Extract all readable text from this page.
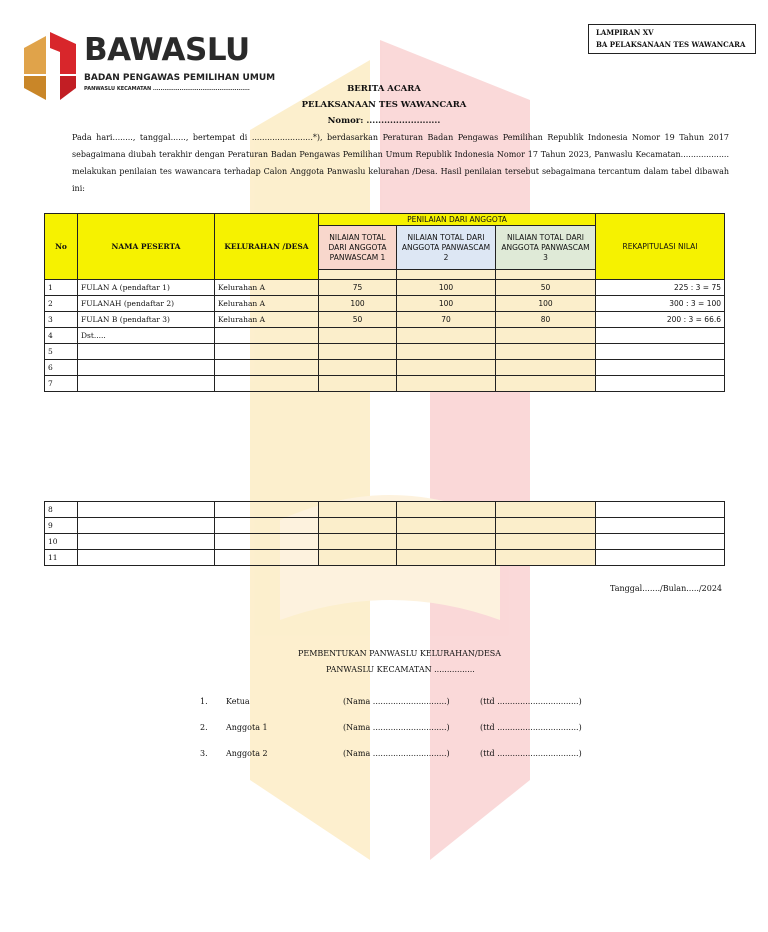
LAMPIRAN XV
BA PELAKSANAAN TES WAWANCARA
BAWASLU
BADAN PENGAWAS PEMILIHAN UMUM
PANWASLU KECAMATAN ...................................................	BERITA ACARA
PELAKSANAAN TES WAWANCARA
Nomor: .........................
Pada hari........, tanggal......, bertempat di ........................*), berdasarkan Peraturan Badan Pengawas Pemilihan Republik Indonesia Nomor 19 Tahun 2017 sebagaimana diubah terakhir dengan Peraturan Badan Pengawas Pemilihan Umum Republik Indonesia Nomor 17 Tahun 2023, Panwaslu Kecamatan................... melakukan penilaian tes wawancara terhadap Calon Anggota Panwaslu kelurahan /Desa. Hasil penilaian tersebut sebagaimana tercantum dalam tabel dibawah ini:
No	NAMA PESERTA	KELURAHAN /DESA	PENILAIAN DARI ANGGOTA			REKAPITULASI NILAI
			NILAIAN TOTAL DARI ANGGOTA PANWASCAM 1	NILAIAN TOTAL DARI ANGGOTA PANWASCAM 2	NILAIAN TOTAL DARI ANGGOTA PANWASCAM 3	

1	FULAN A (pendaftar 1)	Kelurahan A	75	100	50	225 : 3 = 75
2	FULANAH (pendaftar 2)	Kelurahan A	100	100	100	300 : 3 = 100
3	FULAN B (pendaftar 3)	Kelurahan A	50	70	80	200 : 3 = 66.6
4	Dst.....					
5						
6						
7						
8						
9						
10						
11						
Tanggal......./Bulan...../2024
PEMBENTUKAN PANWASLU KELURAHAN/DESA
PANWASLU KECAMATAN ................
1. Ketua	(Nama .............................)	(ttd ................................)
2. Anggota 1	(Nama .............................)	(ttd ................................)
3. Anggota 2	(Nama .............................)	(ttd ................................)
